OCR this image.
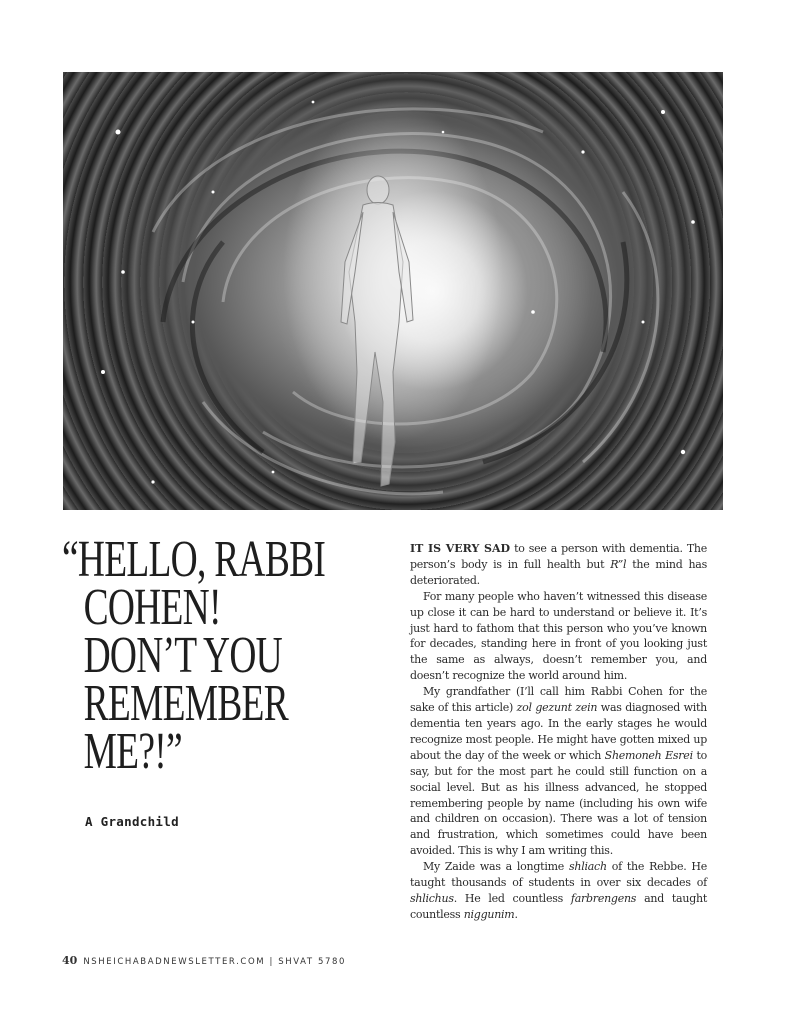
“HELLO, RABBI
COHEN!
DON’T YOU
REMEMBER
ME?!”

A Grandchild

IT IS VERY SAD to see a person with dementia. The person’s body is in full health but R”l the mind has deteriorated.

For many people who haven’t witnessed this disease up close it can be hard to understand or believe it. It’s just hard to fathom that this person who you’ve known for decades, standing here in front of you looking just the same as always, doesn’t remember you, and doesn’t recognize the world around him.

My grandfather (I’ll call him Rabbi Cohen for the sake of this article) zol gezunt zein was diagnosed with dementia ten years ago. In the early stages he would recognize most people. He might have gotten mixed up about the day of the week or which Shemoneh Esrei to say, but for the most part he could still function on a social level. But as his illness advanced, he stopped remembering people by name (including his own wife and children on occasion). There was a lot of tension and frustration, which sometimes could have been avoided. This is why I am writing this.

My Zaide was a longtime shliach of the Rebbe. He taught thousands of students in over six decades of shlichus. He led countless farbrengens and taught countless niggunim.

40 NSHEICHABADNEWSLETTER.COM | SHVAT 5780
